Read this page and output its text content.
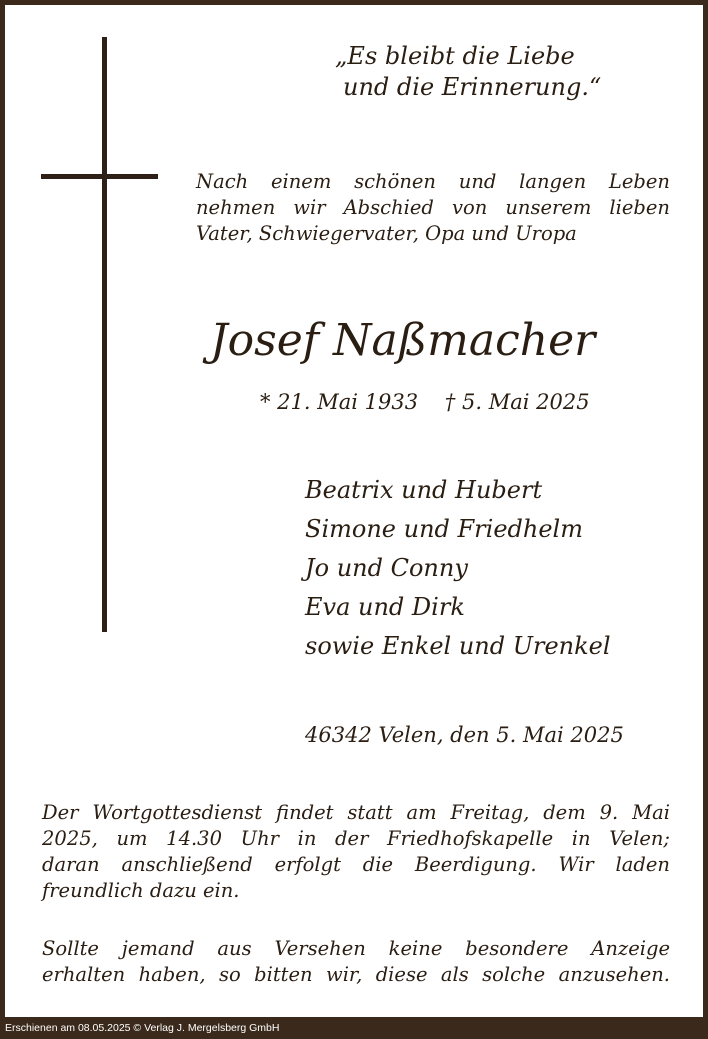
„Es bleibt die Liebe
und die Erinnerung.“
Nach einem schönen und langen Leben
nehmen wir Abschied von unserem lieben
Vater, Schwiegervater, Opa und Uropa
Josef Naßmacher
* 21. Mai 1933    † 5. Mai 2025
Beatrix und Hubert
Simone und Friedhelm
Jo und Conny
Eva und Dirk
sowie Enkel und Urenkel
46342 Velen, den 5. Mai 2025
Der Wortgottesdienst findet statt am Freitag, dem 9. Mai
2025, um 14.30 Uhr in der Friedhofskapelle in Velen;
daran anschließend erfolgt die Beerdigung. Wir laden
freundlich dazu ein.
Sollte jemand aus Versehen keine besondere Anzeige
erhalten haben, so bitten wir, diese als solche anzusehen.
Erschienen am 08.05.2025 © Verlag J. Mergelsberg GmbH
